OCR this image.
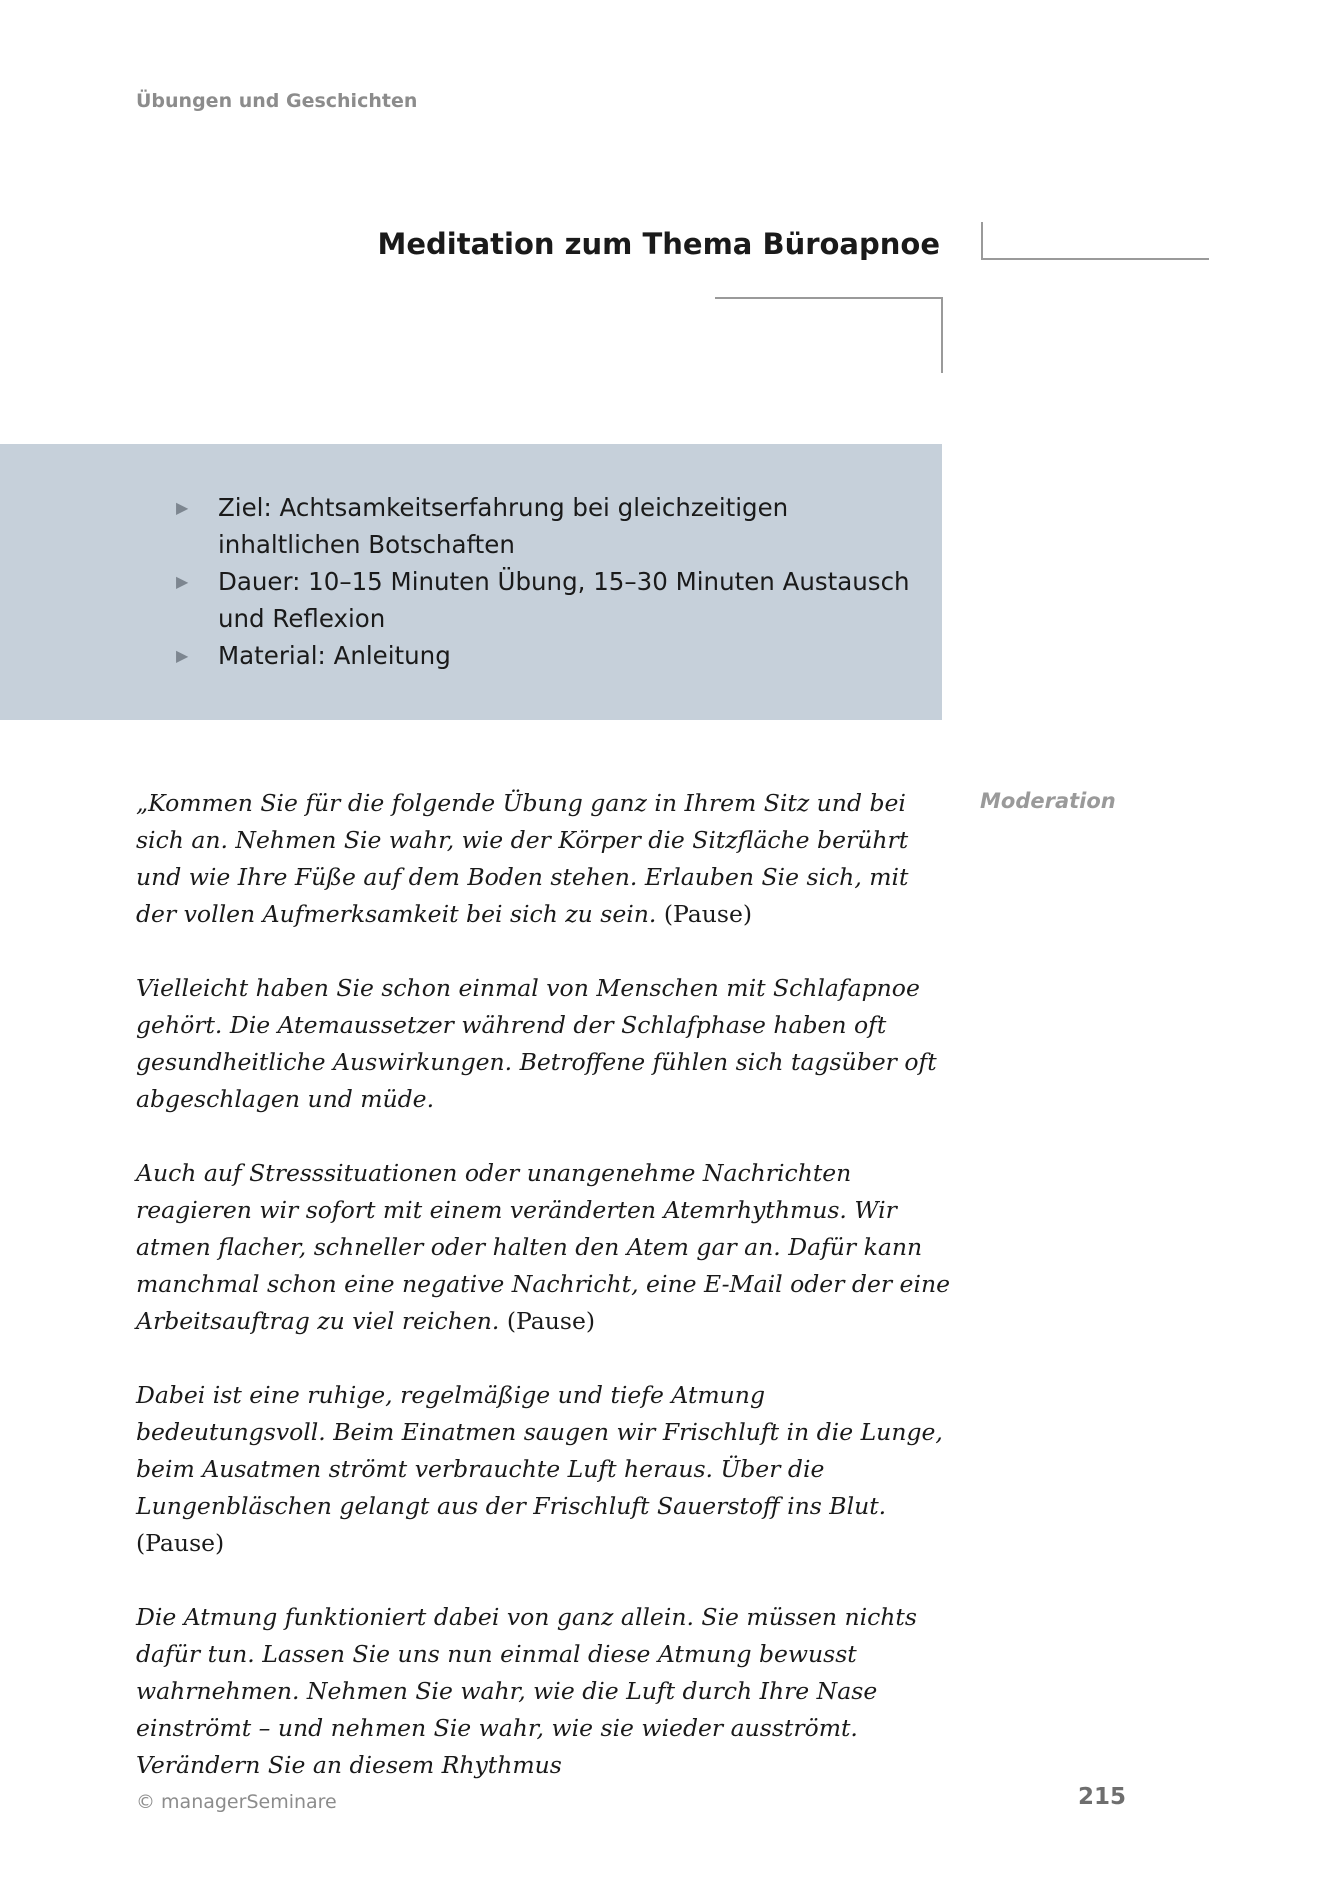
Übungen und Geschichten
Meditation zum Thema Büroapnoe
▶ Ziel: Achtsamkeitserfahrung bei gleichzeitigen inhaltlichen Botschaften
▶ Dauer: 10–15 Minuten Übung, 15–30 Minuten Austausch und Reflexion
▶ Material: Anleitung
Moderation

„Kommen Sie für die folgende Übung ganz in Ihrem Sitz und bei sich an. Nehmen Sie wahr, wie der Körper die Sitzfläche berührt und wie Ihre Füße auf dem Boden stehen. Erlauben Sie sich, mit der vollen Aufmerksamkeit bei sich zu sein. (Pause)

Vielleicht haben Sie schon einmal von Menschen mit Schlafapnoe gehört. Die Atemaussetzer während der Schlafphase haben oft gesundheitliche Auswirkungen. Betroffene fühlen sich tagsüber oft abgeschlagen und müde.

Auch auf Stresssituationen oder unangenehme Nachrichten reagieren wir sofort mit einem veränderten Atemrhythmus. Wir atmen flacher, schneller oder halten den Atem gar an. Dafür kann manchmal schon eine negative Nachricht, eine E-Mail oder der eine Arbeitsauftrag zu viel reichen. (Pause)

Dabei ist eine ruhige, regelmäßige und tiefe Atmung bedeutungsvoll. Beim Einatmen saugen wir Frischluft in die Lunge, beim Ausatmen strömt verbrauchte Luft heraus. Über die Lungenbläschen gelangt aus der Frischluft Sauerstoff ins Blut. (Pause)

Die Atmung funktioniert dabei von ganz allein. Sie müssen nichts dafür tun. Lassen Sie uns nun einmal diese Atmung bewusst wahrnehmen. Nehmen Sie wahr, wie die Luft durch Ihre Nase einströmt – und nehmen Sie wahr, wie sie wieder ausströmt. Verändern Sie an diesem Rhythmus

© managerSeminare	215
